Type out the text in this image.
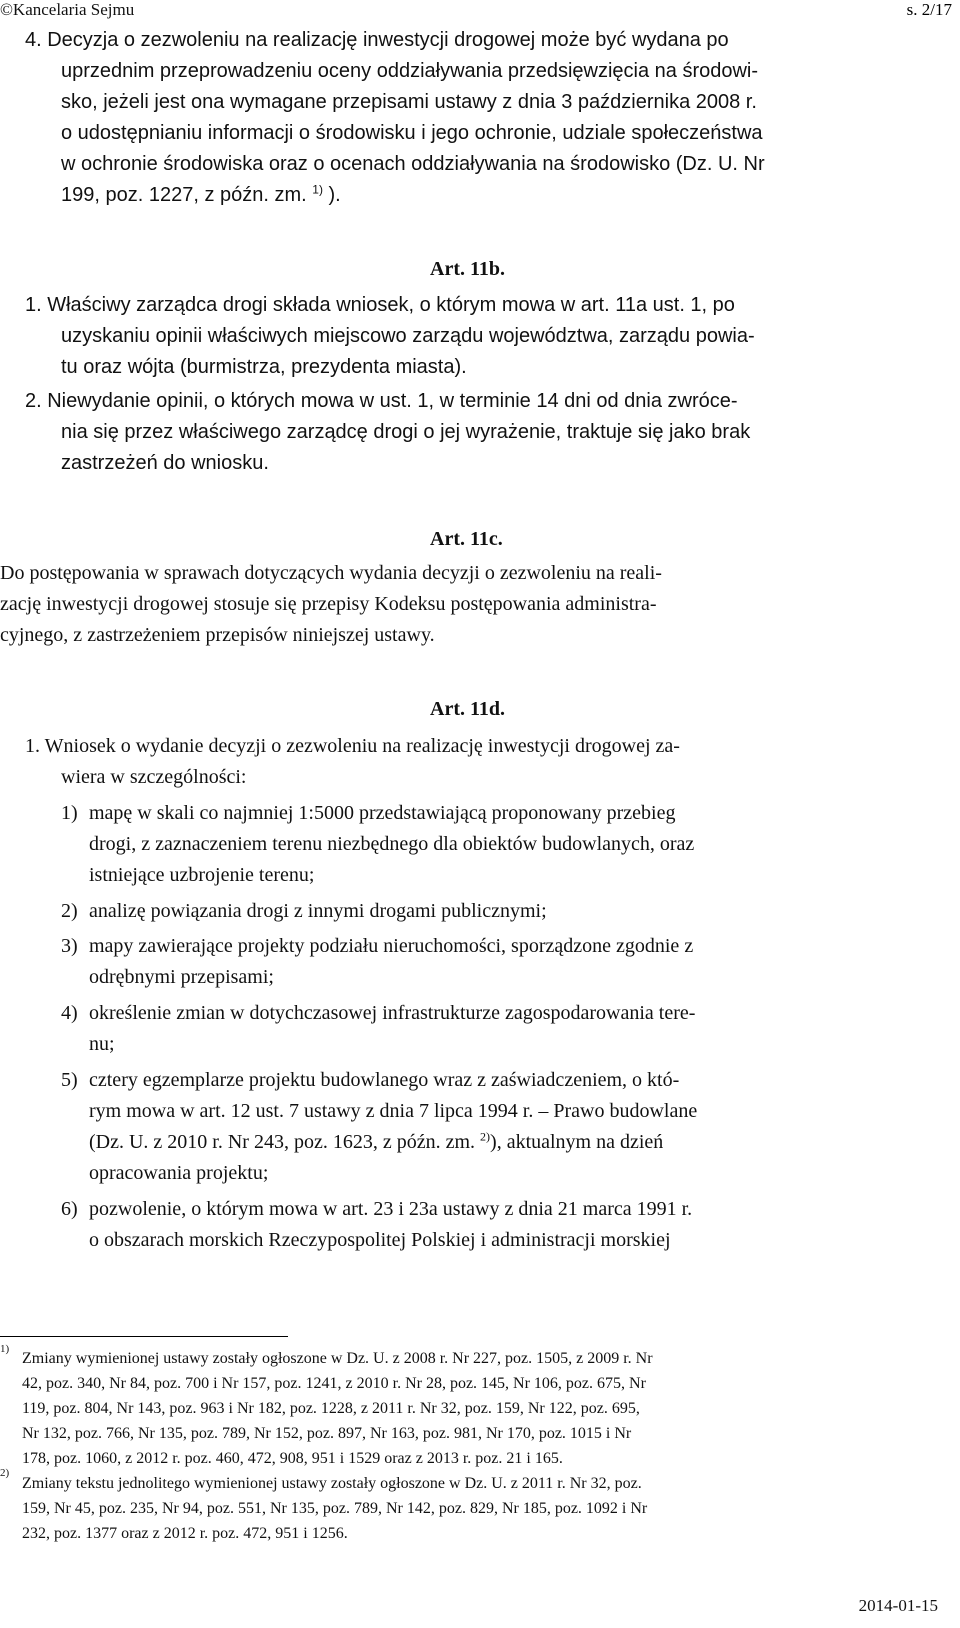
©Kancelaria Sejmu	s. 2/17
4. Decyzja o zezwoleniu na realizację inwestycji drogowej może być wydana po
uprzednim przeprowadzeniu oceny oddziaływania przedsięwzięcia na środowi-
sko, jeżeli jest ona wymagane przepisami ustawy z dnia 3 października 2008 r.
o udostępnianiu informacji o środowisku i jego ochronie, udziale społeczeństwa
w ochronie środowiska oraz o ocenach oddziaływania na środowisko (Dz. U. Nr
199, poz. 1227, z późn. zm. $^{1)}$ ).
Art. 11b.
1. Właściwy zarządca drogi składa wniosek, o którym mowa w art. 11a ust. 1, po
uzyskaniu opinii właściwych miejscowo zarządu województwa, zarządu powia-
tu oraz wójta (burmistrza, prezydenta miasta).
2. Niewydanie opinii, o których mowa w ust. 1, w terminie 14 dni od dnia zwróce-
nia się przez właściwego zarządcę drogi o jej wyrażenie, traktuje się jako brak
zastrzeżeń do wniosku.
Art. 11c.
Do postępowania w sprawach dotyczących wydania decyzji o zezwoleniu na reali-
zację inwestycji drogowej stosuje się przepisy Kodeksu postępowania administra-
cyjnego, z zastrzeżeniem przepisów niniejszej ustawy.
Art. 11d.
1. Wniosek o wydanie decyzji o zezwoleniu na realizację inwestycji drogowej za-
wiera w szczególności:
1) mapę w skali co najmniej 1:5000 przedstawiającą proponowany przebieg
drogi, z zaznaczeniem terenu niezbędnego dla obiektów budowlanych, oraz
istniejące uzbrojenie terenu;
2) analizę powiązania drogi z innymi drogami publicznymi;
3) mapy zawierające projekty podziału nieruchomości, sporządzone zgodnie z
odrębnymi przepisami;
4) określenie zmian w dotychczasowej infrastrukturze zagospodarowania tere-
nu;
5) cztery egzemplarze projektu budowlanego wraz z zaświadczeniem, o któ-
rym mowa w art. 12 ust. 7 ustawy z dnia 7 lipca 1994 r. – Prawo budowlane
(Dz. U. z 2010 r. Nr 243, poz. 1623, z późn. zm. $^{2)}$), aktualnym na dzień
opracowania projektu;
6) pozwolenie, o którym mowa w art. 23 i 23a ustawy z dnia 21 marca 1991 r.
o obszarach morskich Rzeczypospolitej Polskiej i administracji morskiej
1)
Zmiany wymienionej ustawy zostały ogłoszone w Dz. U. z 2008 r. Nr 227, poz. 1505, z 2009 r. Nr
42, poz. 340, Nr 84, poz. 700 i Nr 157, poz. 1241, z 2010 r. Nr 28, poz. 145, Nr 106, poz. 675, Nr
119, poz. 804, Nr 143, poz. 963 i Nr 182, poz. 1228, z 2011 r. Nr 32, poz. 159, Nr 122, poz. 695,
Nr 132, poz. 766, Nr 135, poz. 789, Nr 152, poz. 897, Nr 163, poz. 981, Nr 170, poz. 1015 i Nr
178, poz. 1060, z 2012 r. poz. 460, 472, 908, 951 i 1529 oraz z 2013 r. poz. 21 i 165.
2)
Zmiany tekstu jednolitego wymienionej ustawy zostały ogłoszone w Dz. U. z 2011 r. Nr 32, poz.
159, Nr 45, poz. 235, Nr 94, poz. 551, Nr 135, poz. 789, Nr 142, poz. 829, Nr 185, poz. 1092 i Nr
232, poz. 1377 oraz z 2012 r. poz. 472, 951 i 1256.
2014-01-15
